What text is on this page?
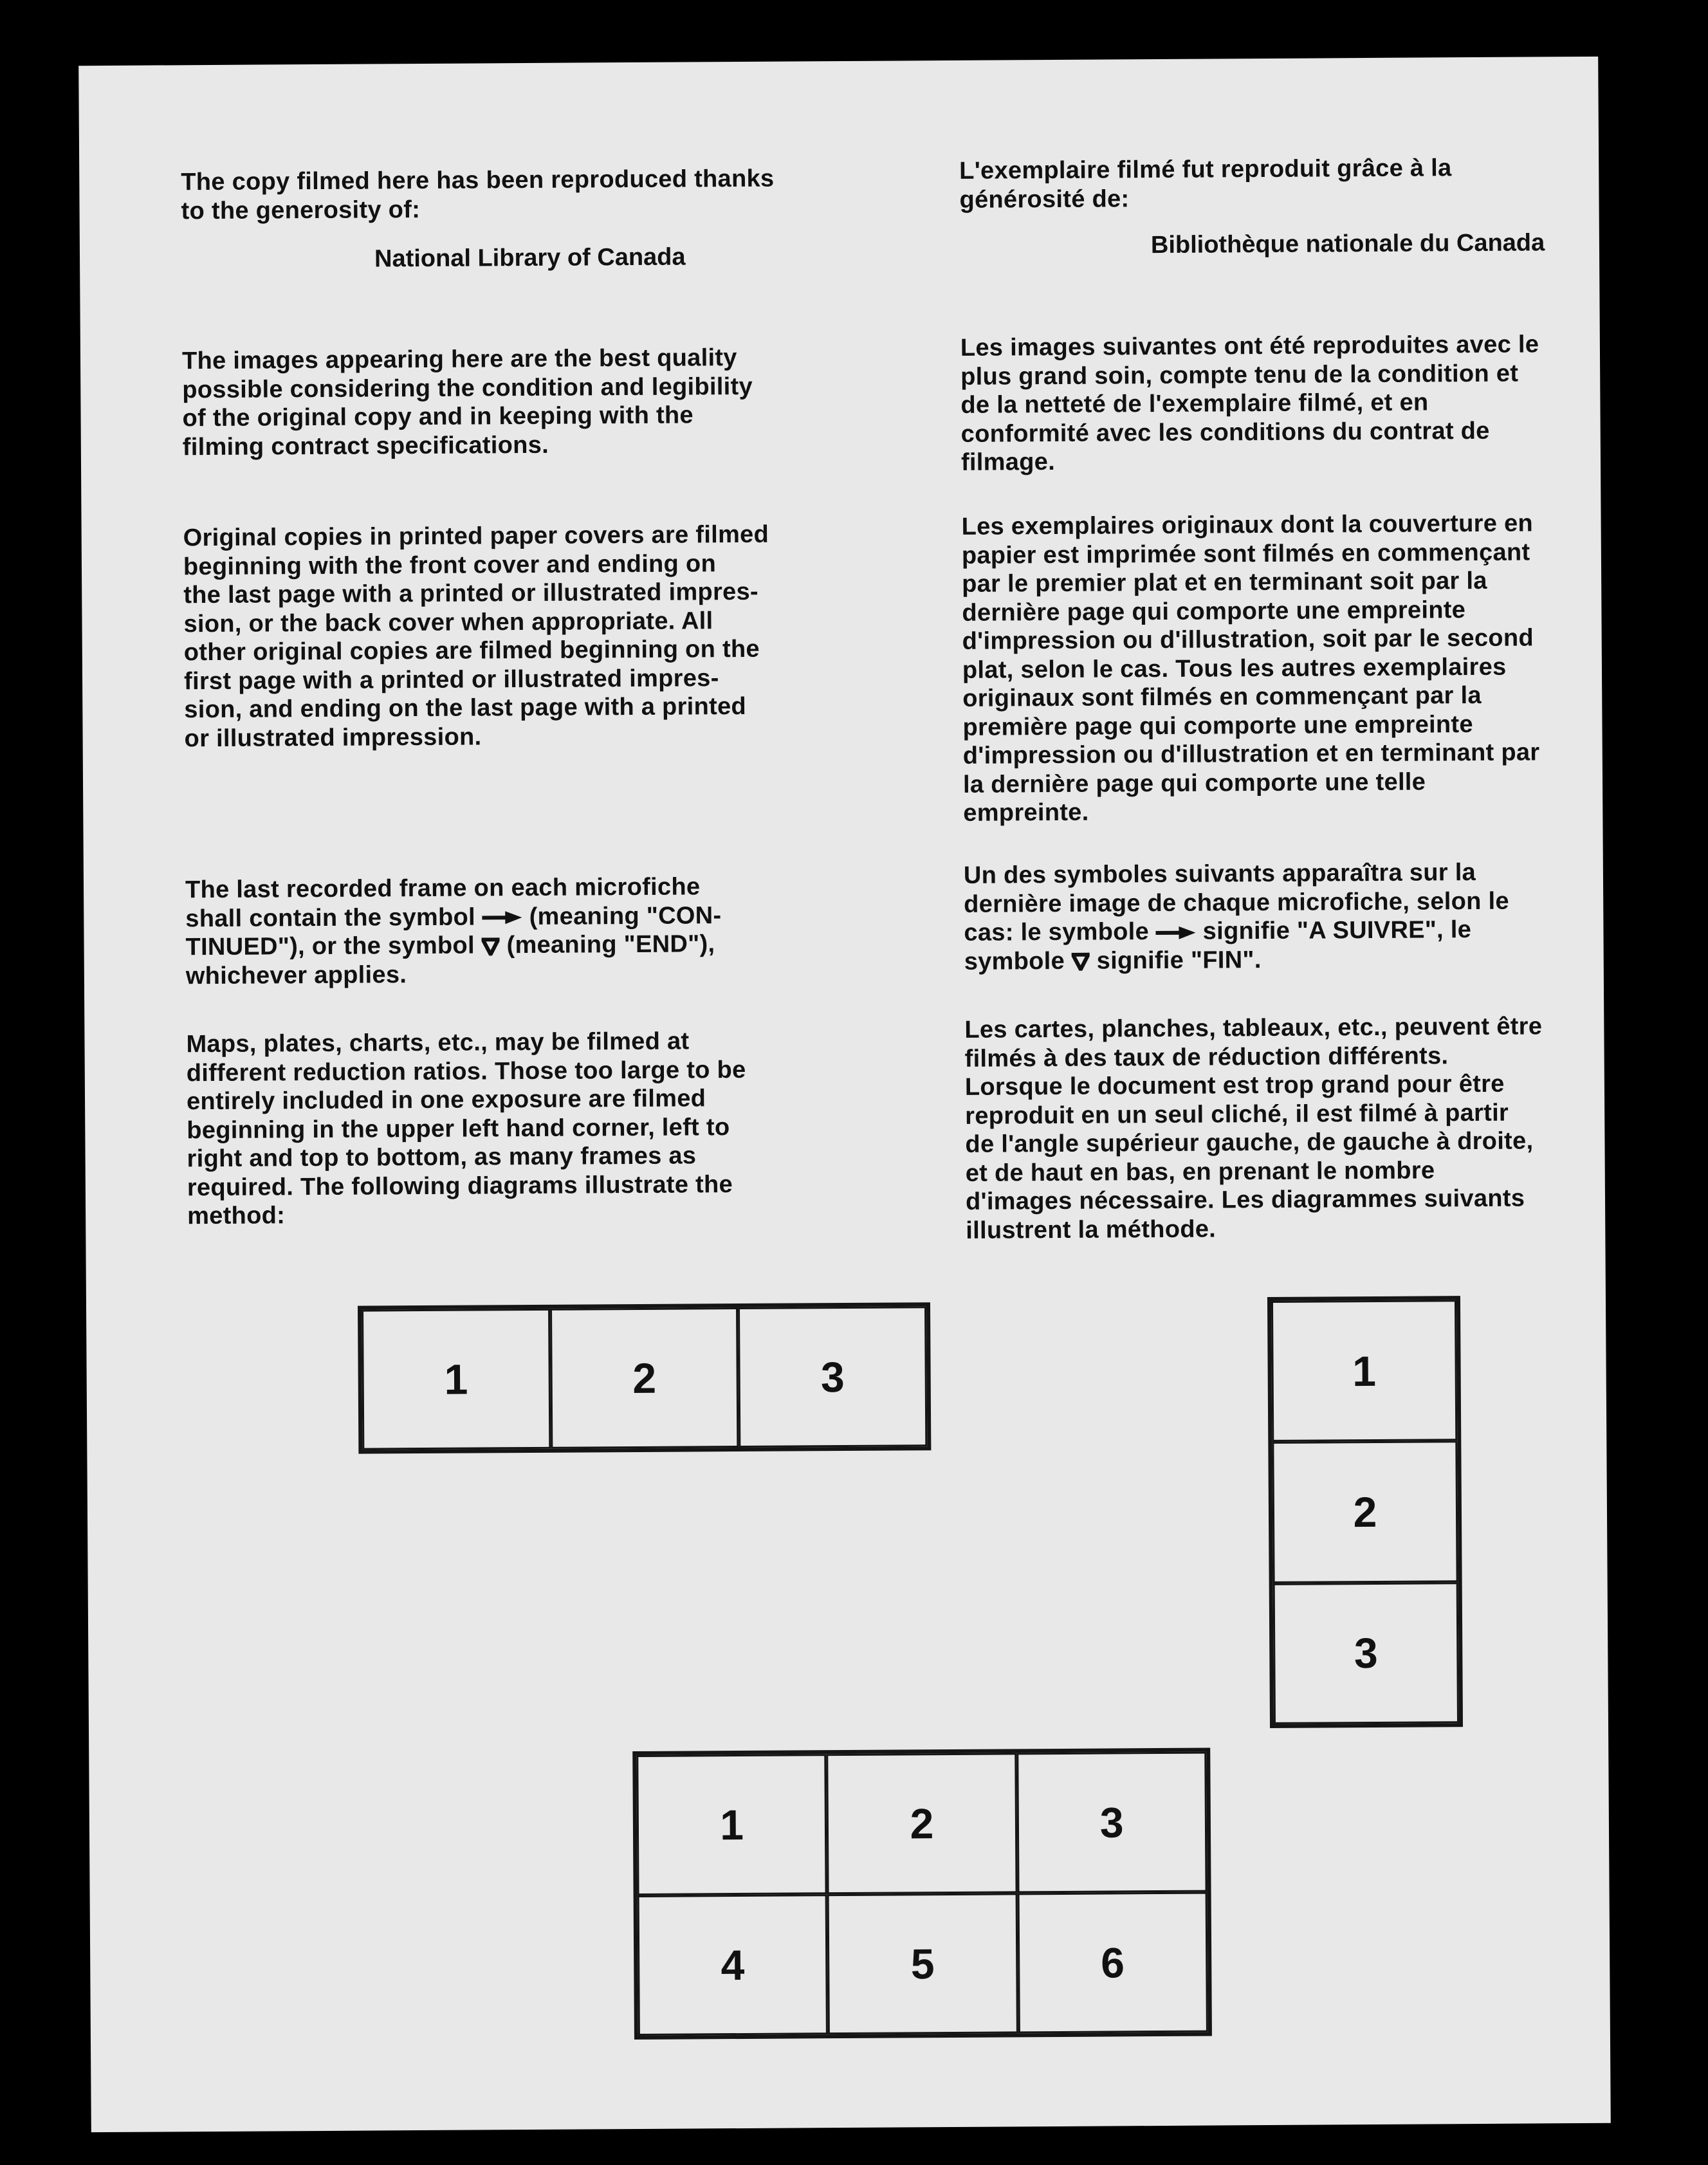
The copy filmed here has been reproduced thanks
to the generosity of:

National Library of Canada

The images appearing here are the best quality
possible considering the condition and legibility
of the original copy and in keeping with the
filming contract specifications.

Original copies in printed paper covers are filmed
beginning with the front cover and ending on
the last page with a printed or illustrated impres-
sion, or the back cover when appropriate. All
other original copies are filmed beginning on the
first page with a printed or illustrated impres-
sion, and ending on the last page with a printed
or illustrated impression.

The last recorded frame on each microfiche
shall contain the symbol  (meaning "CON-
TINUED"), or the symbol  (meaning "END"),
whichever applies.

Maps, plates, charts, etc., may be filmed at
different reduction ratios. Those too large to be
entirely included in one exposure are filmed
beginning in the upper left hand corner, left to
right and top to bottom, as many frames as
required. The following diagrams illustrate the
method:

L'exemplaire filmé fut reproduit grâce à la
générosité de:

Bibliothèque nationale du Canada

Les images suivantes ont été reproduites avec le
plus grand soin, compte tenu de la condition et
de la netteté de l'exemplaire filmé, et en
conformité avec les conditions du contrat de
filmage.

Les exemplaires originaux dont la couverture en
papier est imprimée sont filmés en commençant
par le premier plat et en terminant soit par la
dernière page qui comporte une empreinte
d'impression ou d'illustration, soit par le second
plat, selon le cas. Tous les autres exemplaires
originaux sont filmés en commençant par la
première page qui comporte une empreinte
d'impression ou d'illustration et en terminant par
la dernière page qui comporte une telle
empreinte.

Un des symboles suivants apparaîtra sur la
dernière image de chaque microfiche, selon le
cas: le symbole  signifie "A SUIVRE", le
symbole  signifie "FIN".

Les cartes, planches, tableaux, etc., peuvent être
filmés à des taux de réduction différents.
Lorsque le document est trop grand pour être
reproduit en un seul cliché, il est filmé à partir
de l'angle supérieur gauche, de gauche à droite,
et de haut en bas, en prenant le nombre
d'images nécessaire. Les diagrammes suivants
illustrent la méthode.

1	2	3	1
2
3
1	2	3
4	5	6
